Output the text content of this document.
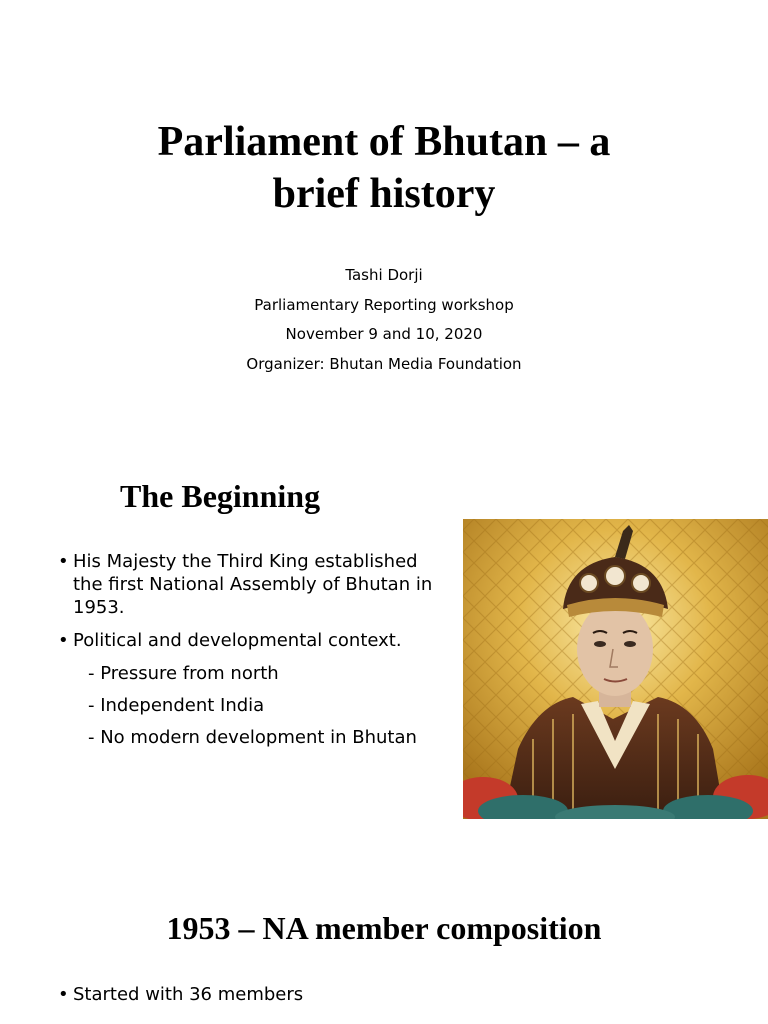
Parliament of Bhutan – a
brief history
Tashi Dorji
Parliamentary Reporting workshop
November 9 and 10, 2020
Organizer: Bhutan Media Foundation
The Beginning
• His Majesty the Third King established the first National Assembly of Bhutan in 1953.
• Political and developmental context.
- Pressure from north
- Independent India
- No modern development in Bhutan
1953 – NA member composition
• Started with 36 members
